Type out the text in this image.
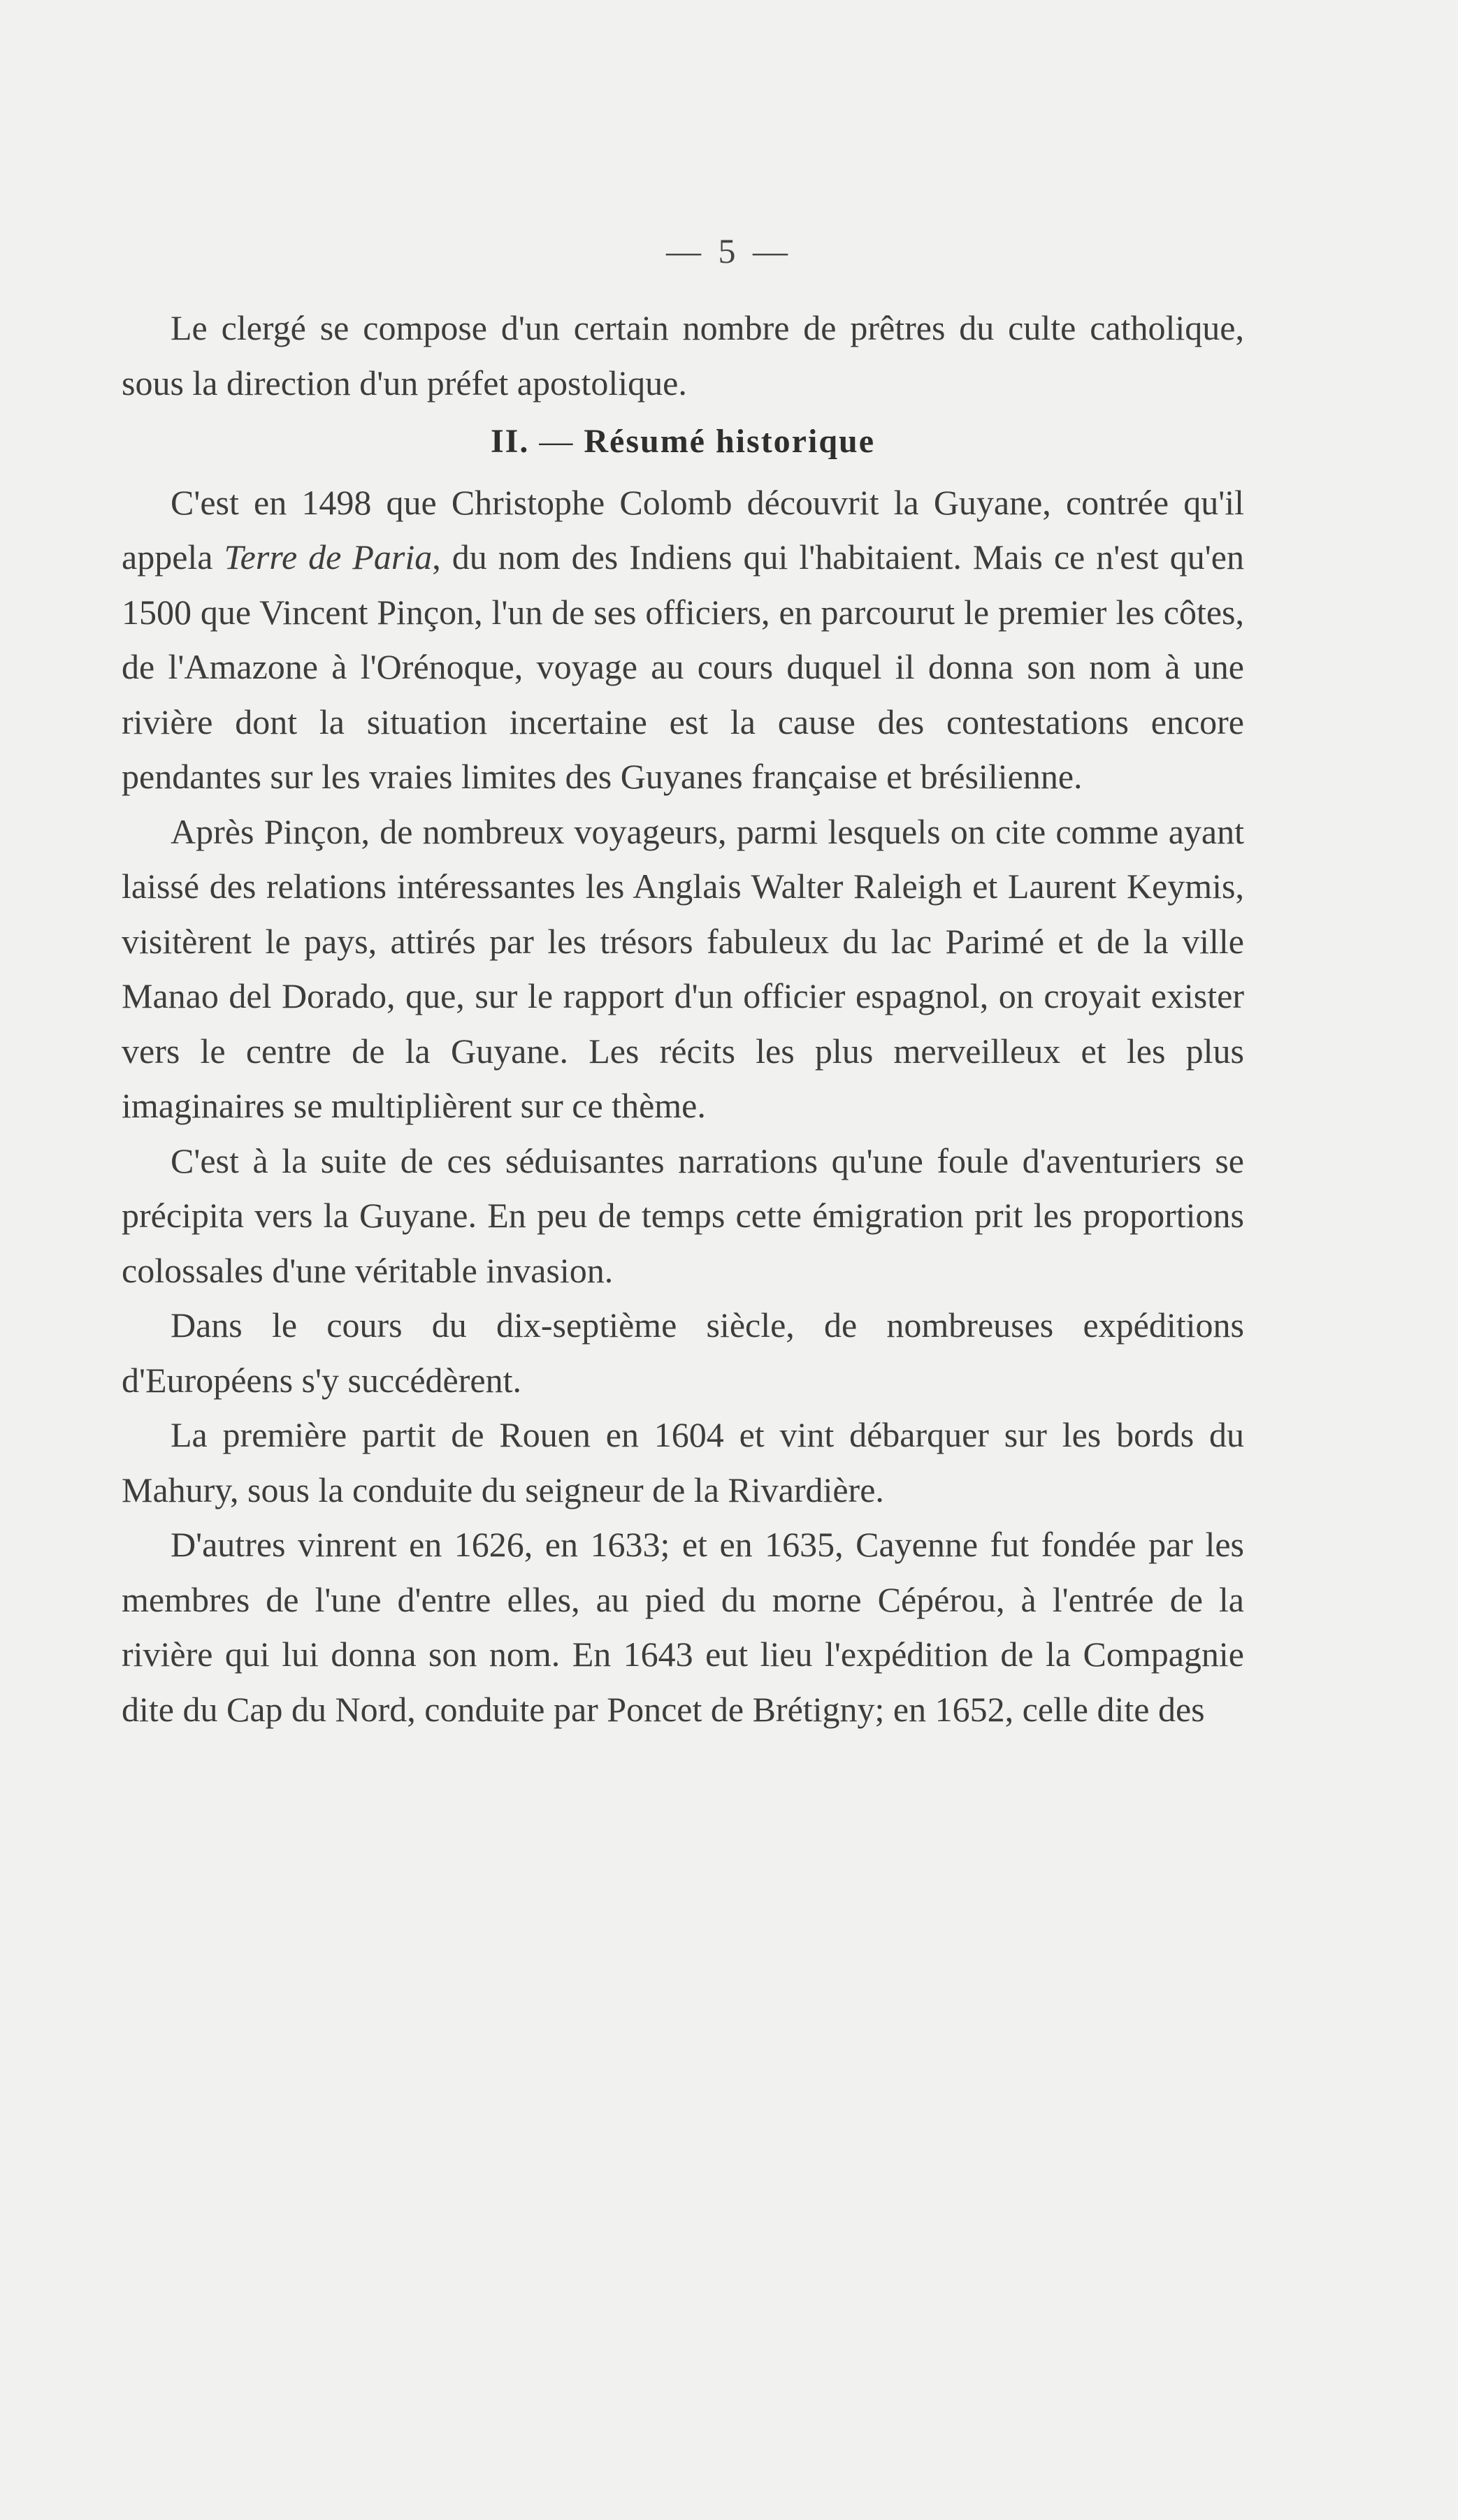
— 5 —

Le clergé se compose d'un certain nombre de prêtres du culte catholique, sous la direction d'un préfet apostolique.

II. — Résumé historique

C'est en 1498 que Christophe Colomb découvrit la Guyane, contrée qu'il appela Terre de Paria, du nom des Indiens qui l'habitaient. Mais ce n'est qu'en 1500 que Vincent Pinçon, l'un de ses officiers, en parcourut le premier les côtes, de l'Amazone à l'Orénoque, voyage au cours duquel il donna son nom à une rivière dont la situation incertaine est la cause des contestations encore pendantes sur les vraies limites des Guyanes française et brésilienne.

Après Pinçon, de nombreux voyageurs, parmi lesquels on cite comme ayant laissé des relations intéressantes les Anglais Walter Raleigh et Laurent Keymis, visitèrent le pays, attirés par les trésors fabuleux du lac Parimé et de la ville Manao del Dorado, que, sur le rapport d'un officier espagnol, on croyait exister vers le centre de la Guyane. Les récits les plus merveilleux et les plus imaginaires se multiplièrent sur ce thème.

C'est à la suite de ces séduisantes narrations qu'une foule d'aventuriers se précipita vers la Guyane. En peu de temps cette émigration prit les proportions colossales d'une véritable invasion.

Dans le cours du dix-septième siècle, de nombreuses expéditions d'Européens s'y succédèrent.

La première partit de Rouen en 1604 et vint débarquer sur les bords du Mahury, sous la conduite du seigneur de la Rivardière.

D'autres vinrent en 1626, en 1633; et en 1635, Cayenne fut fondée par les membres de l'une d'entre elles, au pied du morne Cépérou, à l'entrée de la rivière qui lui donna son nom. En 1643 eut lieu l'expédition de la Compagnie dite du Cap du Nord, conduite par Poncet de Brétigny; en 1652, celle dite des
